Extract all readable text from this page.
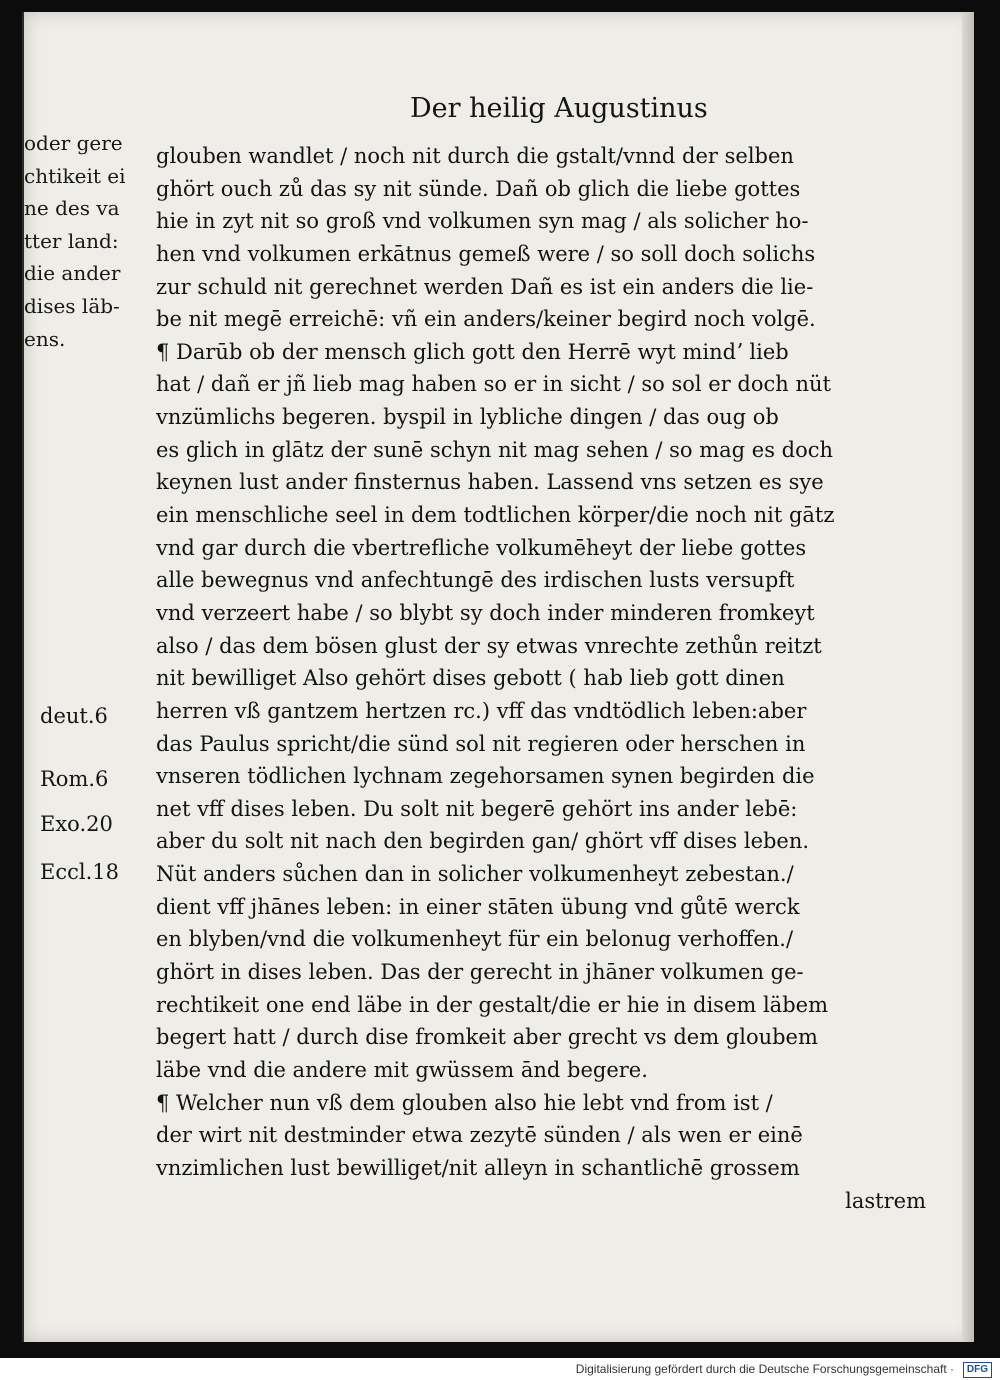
Der heilig Augustinus
oder gere
chtikeit ei
ne des va
tter land:
die ander
dises läb-
ens.
deut.6
Rom.6
Exo.20
Eccl.18
glouben wandlet / noch nit durch die gstalt/vnnd der selben
ghört ouch zů das sy nit sünde. Dañ ob glich die liebe gottes
hie in zyt nit so groß vnd volkumen syn mag / als solicher ho-
hen vnd volkumen erkātnus gemeß were / so soll doch solichs
zur schuld nit gerechnet werden Dañ es ist ein anders die lie-
be nit megē erreichē: vñ ein anders/keiner begird noch volgē.
¶ Darūb ob der mensch glich gott den Herrē wyt mindʼ lieb
hat / dañ er jñ lieb mag haben so er in sicht / so sol er doch nüt
vnzümlichs begeren. byspil in lybliche dingen / das oug ob
es glich in glātz der sunē schyn nit mag sehen / so mag es doch
keynen lust ander finsternus haben. Lassend vns setzen es sye
ein menschliche seel in dem todtlichen körper/die noch nit gātz
vnd gar durch die vbertrefliche volkumēheyt der liebe gottes
alle bewegnus vnd anfechtungē des irdischen lusts versupft
vnd verzeert habe / so blybt sy doch inder minderen fromkeyt
also / das dem bösen glust der sy etwas vnrechte zethůn reitzt
nit bewilliget Also gehört dises gebott ( hab lieb gott dinen
herren vß gantzem hertzen rc.) vff das vndtödlich leben:aber
das Paulus spricht/die sünd sol nit regieren oder herschen in
vnseren tödlichen lychnam zegehorsamen synen begirden die
net vff dises leben. Du solt nit begerē gehört ins ander lebē:
aber du solt nit nach den begirden gan/ ghört vff dises leben.
Nüt anders sůchen dan in solicher volkumenheyt zebestan./
dient vff jhānes leben: in einer stāten übung vnd gůtē werck
en blyben/vnd die volkumenheyt für ein belonug verhoffen./
ghört in dises leben. Das der gerecht in jhāner volkumen ge-
rechtikeit one end läbe in der gestalt/die er hie in disem läbem
begert hatt / durch dise fromkeit aber grecht vs dem gloubem
läbe vnd die andere mit gwüssem ānd begere.
¶ Welcher nun vß dem glouben also hie lebt vnd from ist /
der wirt nit destminder etwa zezytē sünden / als wen er einē
vnzimlichen lust bewilliget/nit alleyn in schantlichē grossem
lastrem
Digitalisierung gefördert durch die Deutsche Forschungsgemeinschaft ·	DFG
